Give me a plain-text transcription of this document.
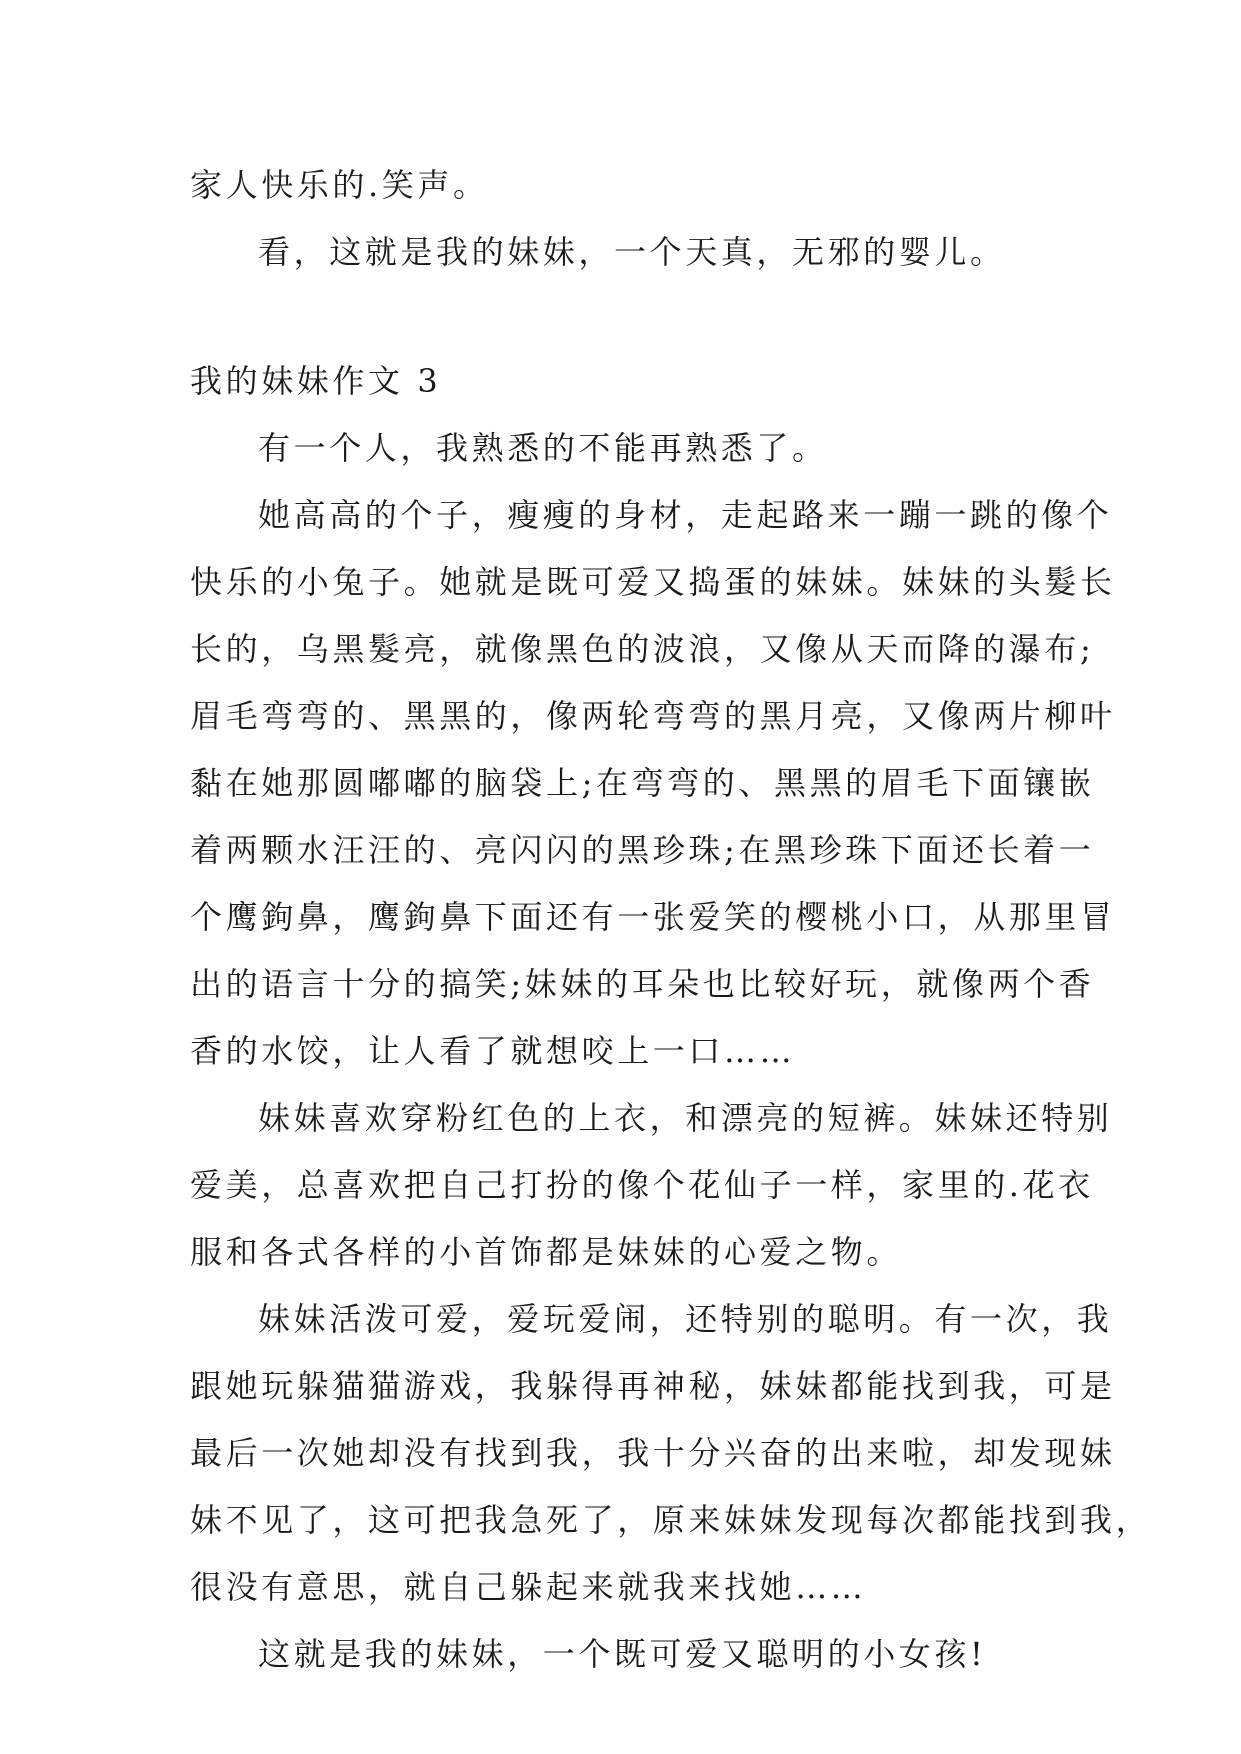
家人快乐的.笑声。

看，这就是我的妹妹，一个天真，无邪的婴儿。

我的妹妹作文 3

有一个人，我熟悉的不能再熟悉了。

她高高的个子，瘦瘦的身材，走起路来一蹦一跳的像个

快乐的小兔子。她就是既可爱又捣蛋的妹妹。妹妹的头髮长

长的，乌黑髮亮，就像黑色的波浪，又像从天而降的瀑布;

眉毛弯弯的、黑黑的，像两轮弯弯的黑月亮，又像两片柳叶

黏在她那圆嘟嘟的脑袋上;在弯弯的、黑黑的眉毛下面镶嵌

着两颗水汪汪的、亮闪闪的黑珍珠;在黑珍珠下面还长着一

个鹰鉤鼻，鹰鉤鼻下面还有一张爱笑的樱桃小口，从那里冒

出的语言十分的搞笑;妹妹的耳朵也比较好玩，就像两个香

香的水饺，让人看了就想咬上一口……

妹妹喜欢穿粉红色的上衣，和漂亮的短裤。妹妹还特别

爱美，总喜欢把自己打扮的像个花仙子一样，家里的.花衣

服和各式各样的小首饰都是妹妹的心爱之物。

妹妹活泼可爱，爱玩爱闹，还特别的聪明。有一次，我

跟她玩躲猫猫游戏，我躲得再神秘，妹妹都能找到我，可是

最后一次她却没有找到我，我十分兴奋的出来啦，却发现妹

妹不见了，这可把我急死了，原来妹妹发现每次都能找到我，

很没有意思，就自己躲起来就我来找她……

这就是我的妹妹，一个既可爱又聪明的小女孩!
